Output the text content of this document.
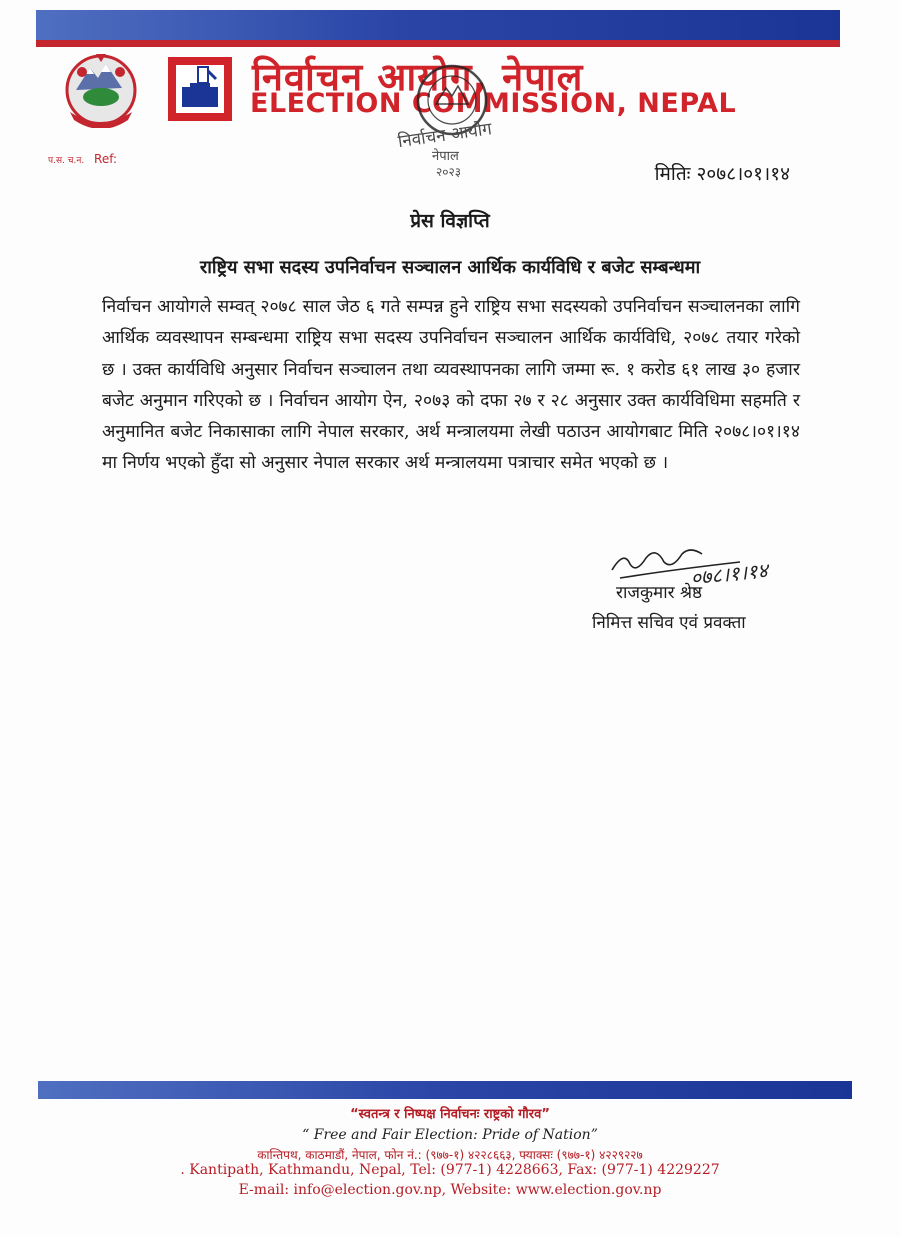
निर्वाचन आयोग, नेपाल
ELECTION COMMISSION, NEPAL
निर्वाचन आयोग
नेपाल
२०२३
प.स. च.न. Ref:
मितिः २०७८।०१।१४
प्रेस विज्ञप्ति
राष्ट्रिय सभा सदस्य उपनिर्वाचन सञ्चालन आर्थिक कार्यविधि र बजेट सम्बन्धमा
निर्वाचन आयोगले सम्वत् २०७८ साल जेठ ६ गते सम्पन्न हुने राष्ट्रिय सभा सदस्यको उपनिर्वाचन सञ्चालनका लागि आर्थिक व्यवस्थापन सम्बन्धमा राष्ट्रिय सभा सदस्य उपनिर्वाचन सञ्चालन आर्थिक कार्यविधि, २०७८ तयार गरेको छ । उक्त कार्यविधि अनुसार निर्वाचन सञ्चालन तथा व्यवस्थापनका लागि जम्मा रू. १ करोड ६१ लाख ३० हजार बजेट अनुमान गरिएको छ । निर्वाचन आयोग ऐन, २०७३ को दफा २७ र २८ अनुसार उक्त कार्यविधिमा सहमति र अनुमानित बजेट निकासाका लागि नेपाल सरकार, अर्थ मन्त्रालयमा लेखी पठाउन आयोगबाट मिति २०७८।०१।१४ मा निर्णय भएको हुँदा सो अनुसार नेपाल सरकार अर्थ मन्त्रालयमा पत्राचार समेत भएको छ ।
०७८।१।१४
राजकुमार श्रेष्ठ
निमित्त सचिव एवं प्रवक्ता
“स्वतन्त्र र निष्पक्ष निर्वाचनः राष्ट्रको गौरव”
“ Free and Fair Election: Pride of Nation”
कान्तिपथ, काठमाडौं, नेपाल, फोन नं.: (९७७-१) ४२२८६६३, फ्याक्सः (९७७-१) ४२२९२२७
. Kantipath, Kathmandu, Nepal, Tel: (977-1) 4228663, Fax: (977-1) 4229227
E-mail: info@election.gov.np, Website: www.election.gov.np
